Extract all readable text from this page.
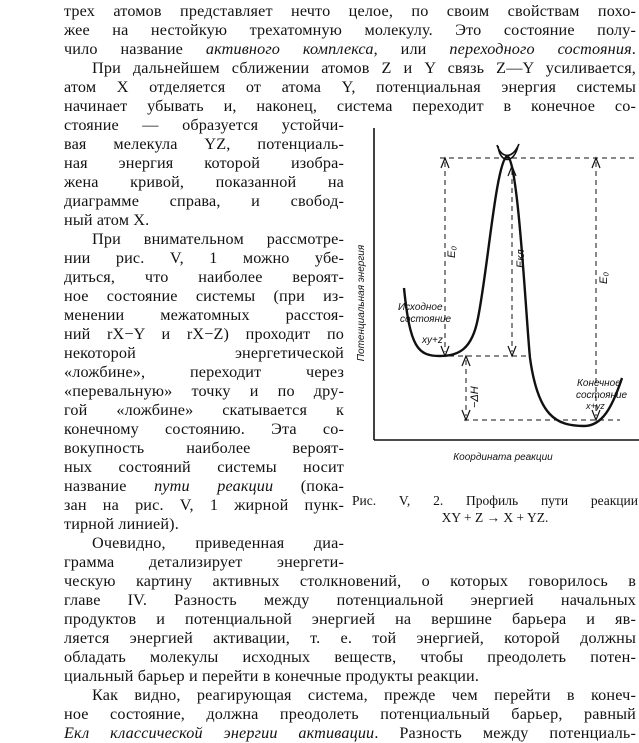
трех атомов представляет нечто целое, по своим свойствам похо-
жее на нестойкую трехатомную молекулу. Это состояние полу-
чило название активного комплекса, или переходного состояния.
При дальнейшем сближении атомов Z и Y связь Z—Y усиливается,
атом X отделяется от атома Y, потенциальная энергия системы
начинает убывать и, наконец, система переходит в конечное со-
стояние — образуется устойчи-
вая мелекула YZ, потенциаль-
ная энергия которой изобра-
жена кривой, показанной на
диаграмме справа, и свобод-
ный атом X.
При внимательном рассмотре-
нии рис. V, 1 можно убе-
диться, что наиболее вероят-
ное состояние системы (при из-
менении межатомных расстоя-
ний rX−Y и rX−Z) проходит по
некоторой энергетической
«ложбине», переходит через
«перевальную» точку и по дру-
гой «ложбине» скатывается к
конечному состоянию. Эта со-
вокупность наиболее вероят-
ных состояний системы носит
название пути реакции (пока-
зан на рис. V, 1 жирной пунк-
тирной линией).
Очевидно, приведенная диа-
грамма детализирует энергети-
ческую картину активных столкновений, о которых говорилось в
главе IV. Разность между потенциальной энергией начальных
продуктов и потенциальной энергией на вершине барьера и яв-
ляется энергией активации, т. е. той энергией, которой должны
обладать молекулы исходных веществ, чтобы преодолеть потен-
циальный барьер и перейти в конечные продукты реакции.
Как видно, реагирующая система, прежде чем перейти в конеч-
ное состояние, должна преодолеть потенциальный барьер, равный
Eкл классической энергии активации. Разность между потенциаль-
Потенциальная энергия
Координата реакции
E₀	Eкл
E₀
−ΔH
Исходное
состояние
xy+z
Конечное
состояние
x+yz
Рис. V, 2. Профиль пути реакции
XY + Z → X + YZ.
